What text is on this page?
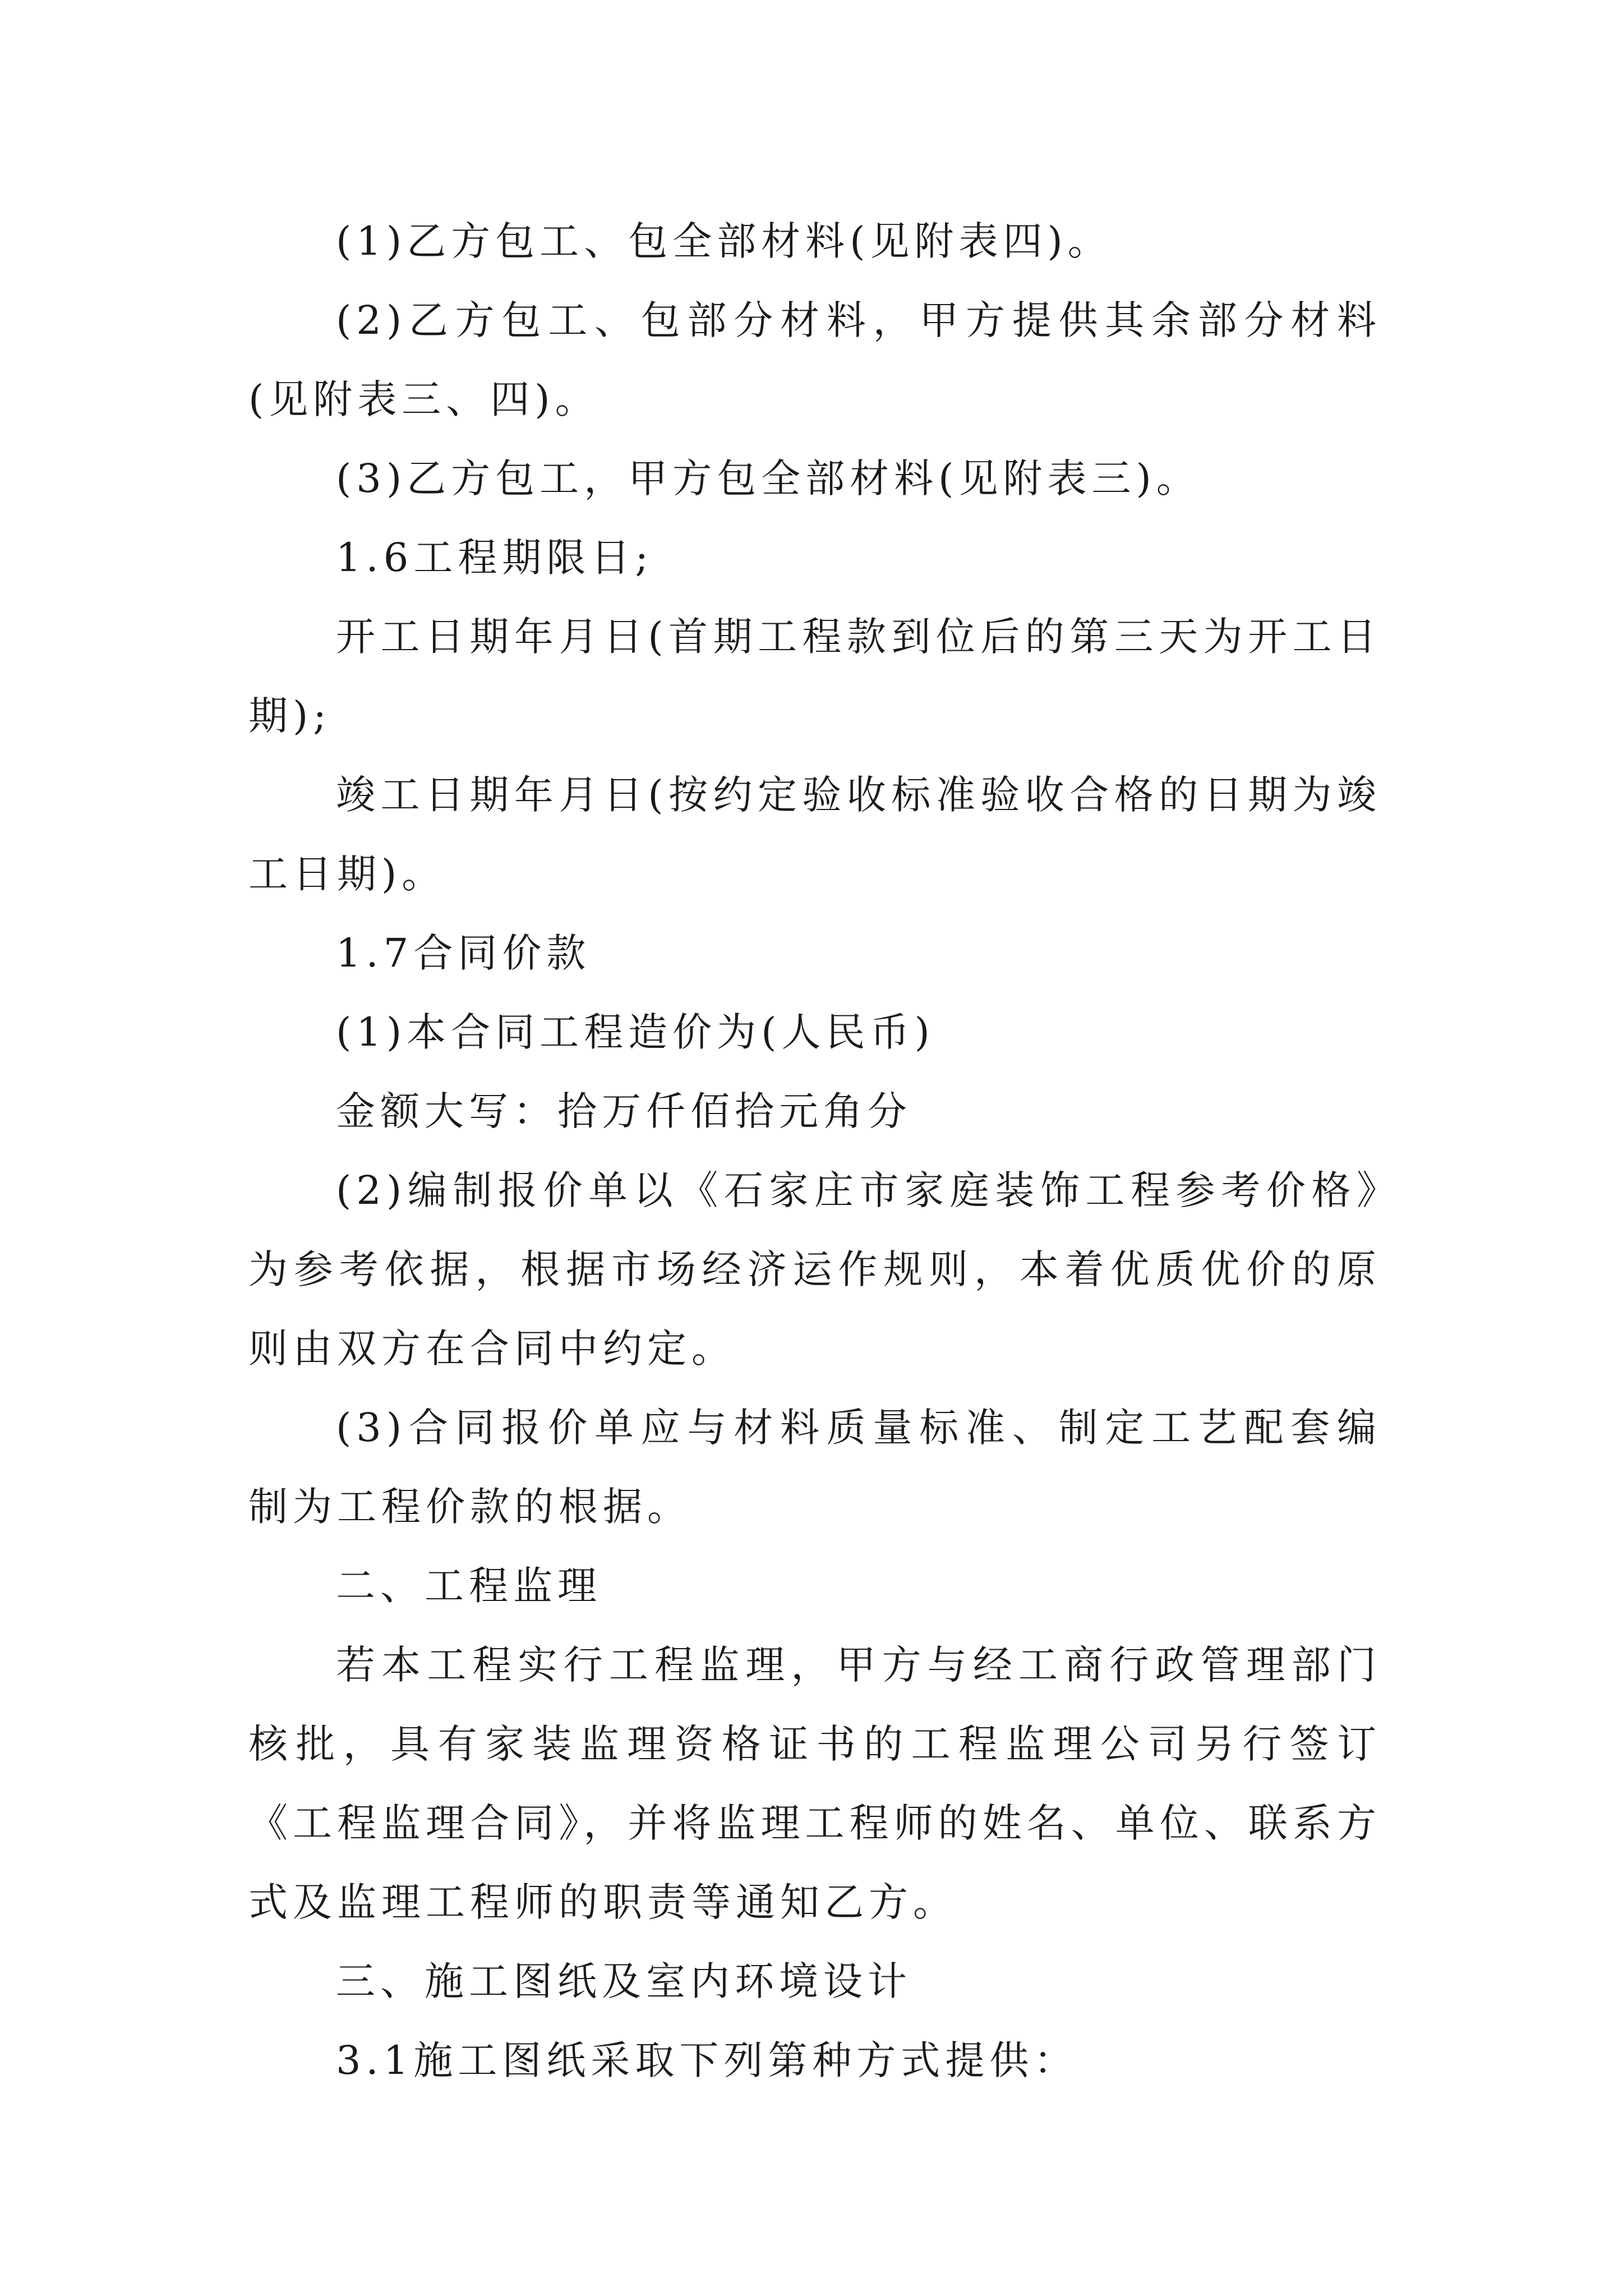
(1)乙方包工、包全部材料(见附表四)。

(2)乙方包工、包部分材料，甲方提供其余部分材料(见附表三、四)。

(3)乙方包工，甲方包全部材料(见附表三)。

1.6工程期限日;

开工日期年月日(首期工程款到位后的第三天为开工日期);

竣工日期年月日(按约定验收标准验收合格的日期为竣工日期)。

1.7合同价款

(1)本合同工程造价为(人民币)

金额大写：拾万仟佰拾元角分

(2)编制报价单以《石家庄市家庭装饰工程参考价格》为参考依据，根据市场经济运作规则，本着优质优价的原则由双方在合同中约定。

(3)合同报价单应与材料质量标准、制定工艺配套编制为工程价款的根据。

二、工程监理

若本工程实行工程监理，甲方与经工商行政管理部门核批，具有家装监理资格证书的工程监理公司另行签订《工程监理合同》，并将监理工程师的姓名、单位、联系方式及监理工程师的职责等通知乙方。

三、施工图纸及室内环境设计

3.1施工图纸采取下列第种方式提供：
